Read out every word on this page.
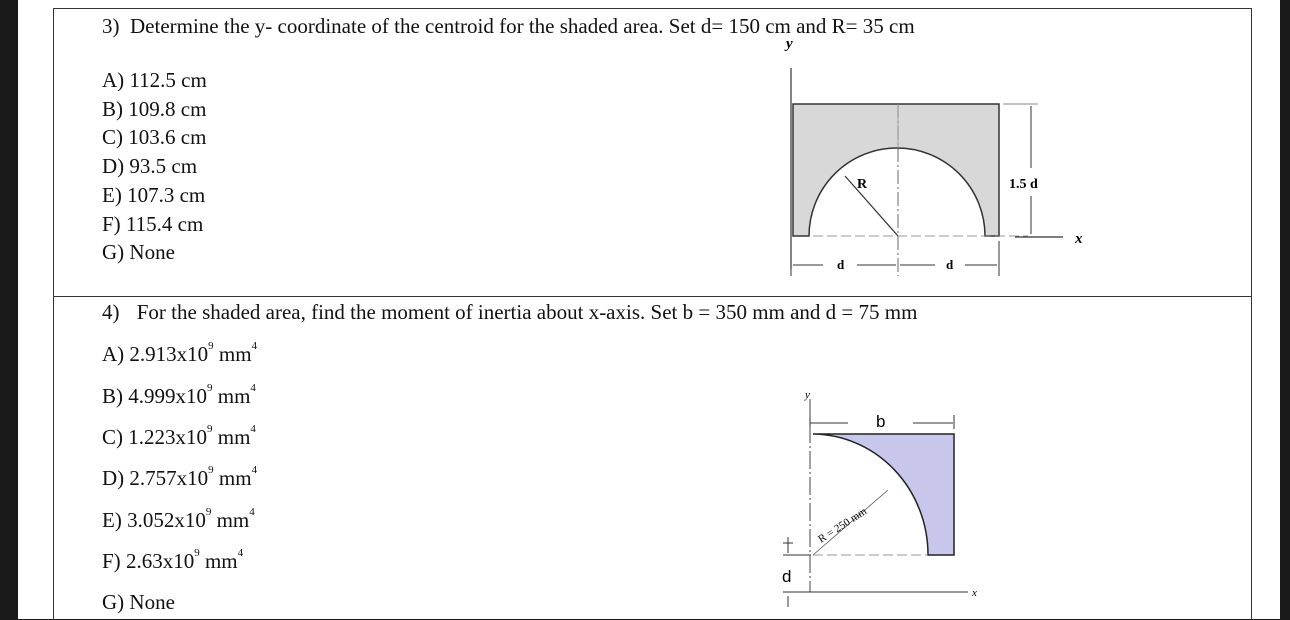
3) Determine the y- coordinate of the centroid for the shaded area. Set d= 150 cm and R= 35 cm
A) 112.5 cm
B) 109.8 cm
C) 103.6 cm
D) 93.5 cm
E) 107.3 cm
F) 115.4 cm
G) None
y
R
x
1.5 d
d	d
4) For the shaded area, find the moment of inertia about x-axis. Set b = 350 mm and d = 75 mm
A) $2.913x10^9$ $mm^4$
B) $4.999x10^9$ $mm^4$
C) $1.223x10^9$ $mm^4$
D) $2.757x10^9$ $mm^4$
E) $3.052x10^9$ $mm^4$
F) $2.63x10^9$ $mm^4$
G) None
y
b
R = 250 mm
d
x
